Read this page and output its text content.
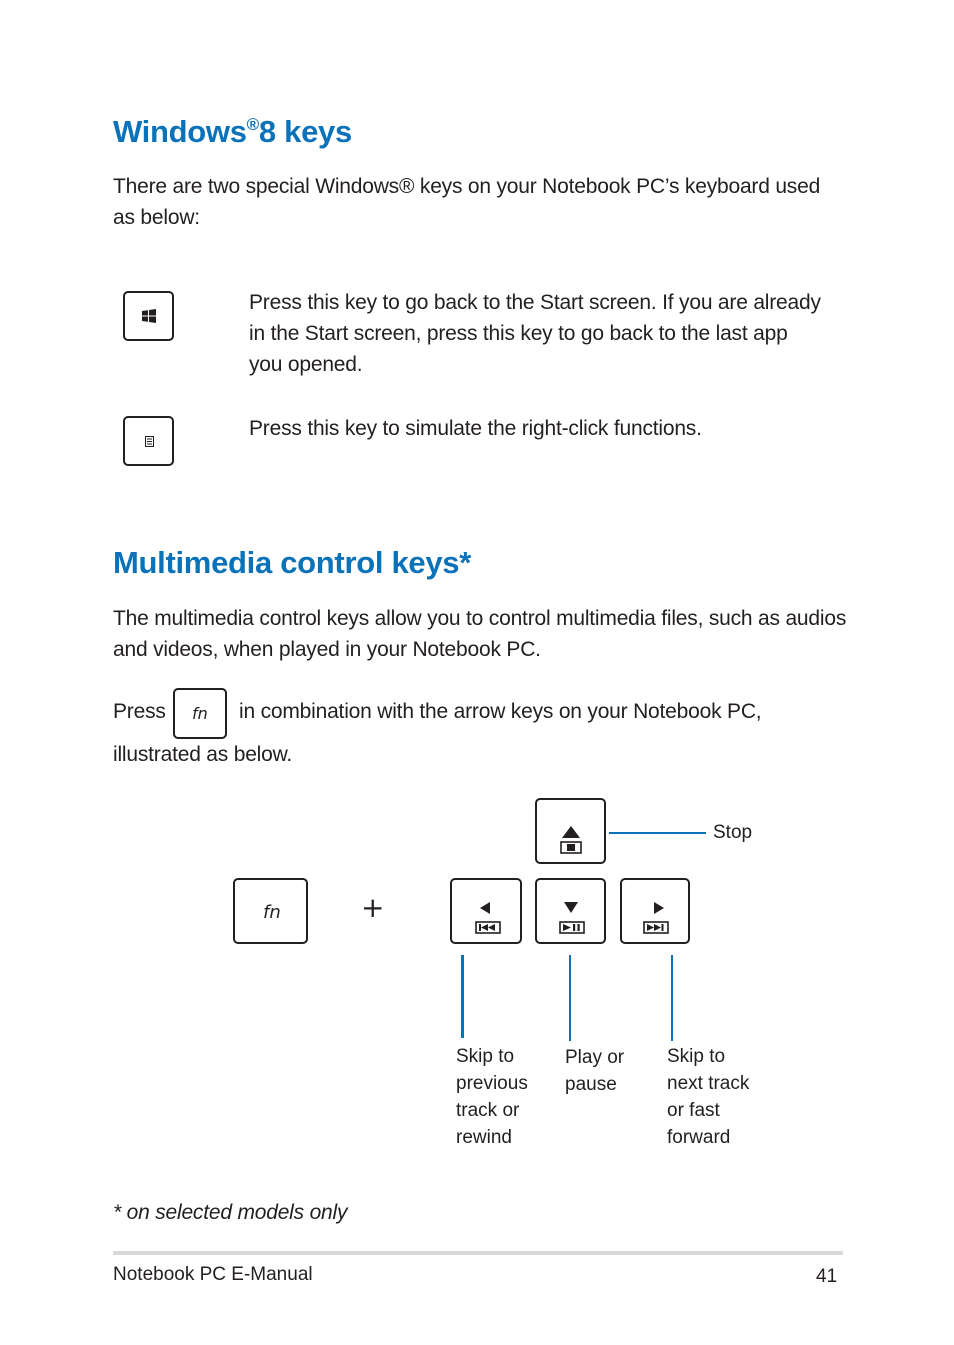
Windows®8 keys

There are two special Windows® keys on your Notebook PC’s keyboard used as below:

Press this key to go back to the Start screen. If you are already in the Start screen, press this key to go back to the last app you opened.

Press this key to simulate the right-click functions.

Multimedia control keys*

The multimedia control keys allow you to control multimedia files, such as audios and videos, when played in your Notebook PC.

Press fn in combination with the arrow keys on your Notebook PC,
illustrated as below.
fn	+
Stop
Skip to
previous
track or
rewind
Play or
pause
Skip to
next track
or fast
forward
* on selected models only
Notebook PC E-Manual	41
